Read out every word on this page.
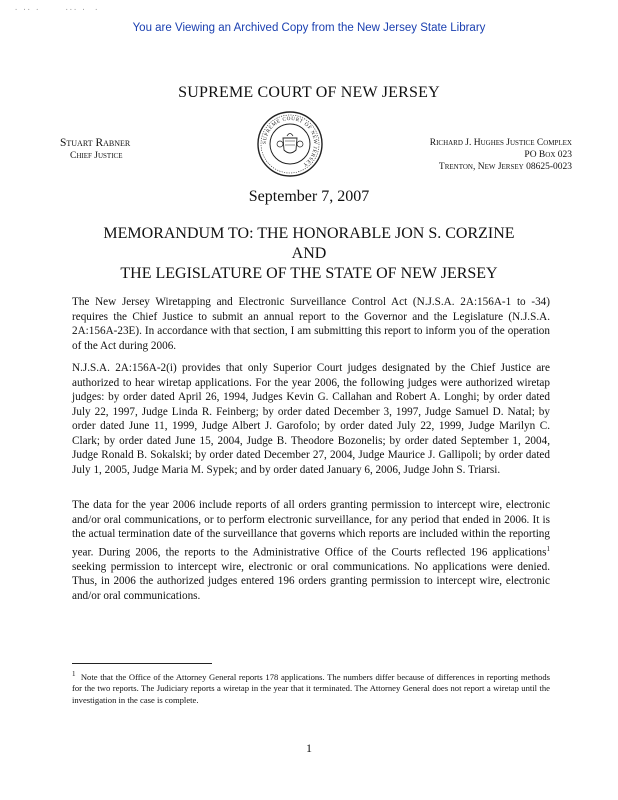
· ·· ·      ··· ·  ·
You are Viewing an Archived Copy from the New Jersey State Library
SUPREME COURT OF NEW JERSEY
Stuart Rabner
Chief Justice
SUPREME COURT OF NEW JERSEY
Richard J. Hughes Justice Complex
PO Box 023
Trenton, New Jersey 08625-0023
September 7, 2007
MEMORANDUM TO: THE HONORABLE JON S. CORZINE
AND
THE LEGISLATURE OF THE STATE OF NEW JERSEY
The New Jersey Wiretapping and Electronic Surveillance Control Act (N.J.S.A. 2A:156A-1 to -34) requires the Chief Justice to submit an annual report to the Governor and the Legislature (N.J.S.A. 2A:156A-23E). In accordance with that section, I am submitting this report to inform you of the operation of the Act during 2006.
N.J.S.A. 2A:156A-2(i) provides that only Superior Court judges designated by the Chief Justice are authorized to hear wiretap applications. For the year 2006, the following judges were authorized wiretap judges: by order dated April 26, 1994, Judges Kevin G. Callahan and Robert A. Longhi; by order dated July 22, 1997, Judge Linda R. Feinberg; by order dated December 3, 1997, Judge Samuel D. Natal; by order dated June 11, 1999, Judge Albert J. Garofolo; by order dated July 22, 1999, Judge Marilyn C. Clark; by order dated June 15, 2004, Judge B. Theodore Bozonelis; by order dated September 1, 2004, Judge Ronald B. Sokalski; by order dated December 27, 2004, Judge Maurice J. Gallipoli; by order dated July 1, 2005, Judge Maria M. Sypek; and by order dated January 6, 2006, Judge John S. Triarsi.
The data for the year 2006 include reports of all orders granting permission to intercept wire, electronic and/or oral communications, or to perform electronic surveillance, for any period that ended in 2006. It is the actual termination date of the surveillance that governs which reports are included within the reporting year. During 2006, the reports to the Administrative Office of the Courts reflected 196 applications$^1$ seeking permission to intercept wire, electronic or oral communications. No applications were denied. Thus, in 2006 the authorized judges entered 196 orders granting permission to intercept wire, electronic and/or oral communications.
$^1$ Note that the Office of the Attorney General reports 178 applications. The numbers differ because of differences in reporting methods for the two reports. The Judiciary reports a wiretap in the year that it terminated. The Attorney General does not report a wiretap until the investigation in the case is complete.
1
